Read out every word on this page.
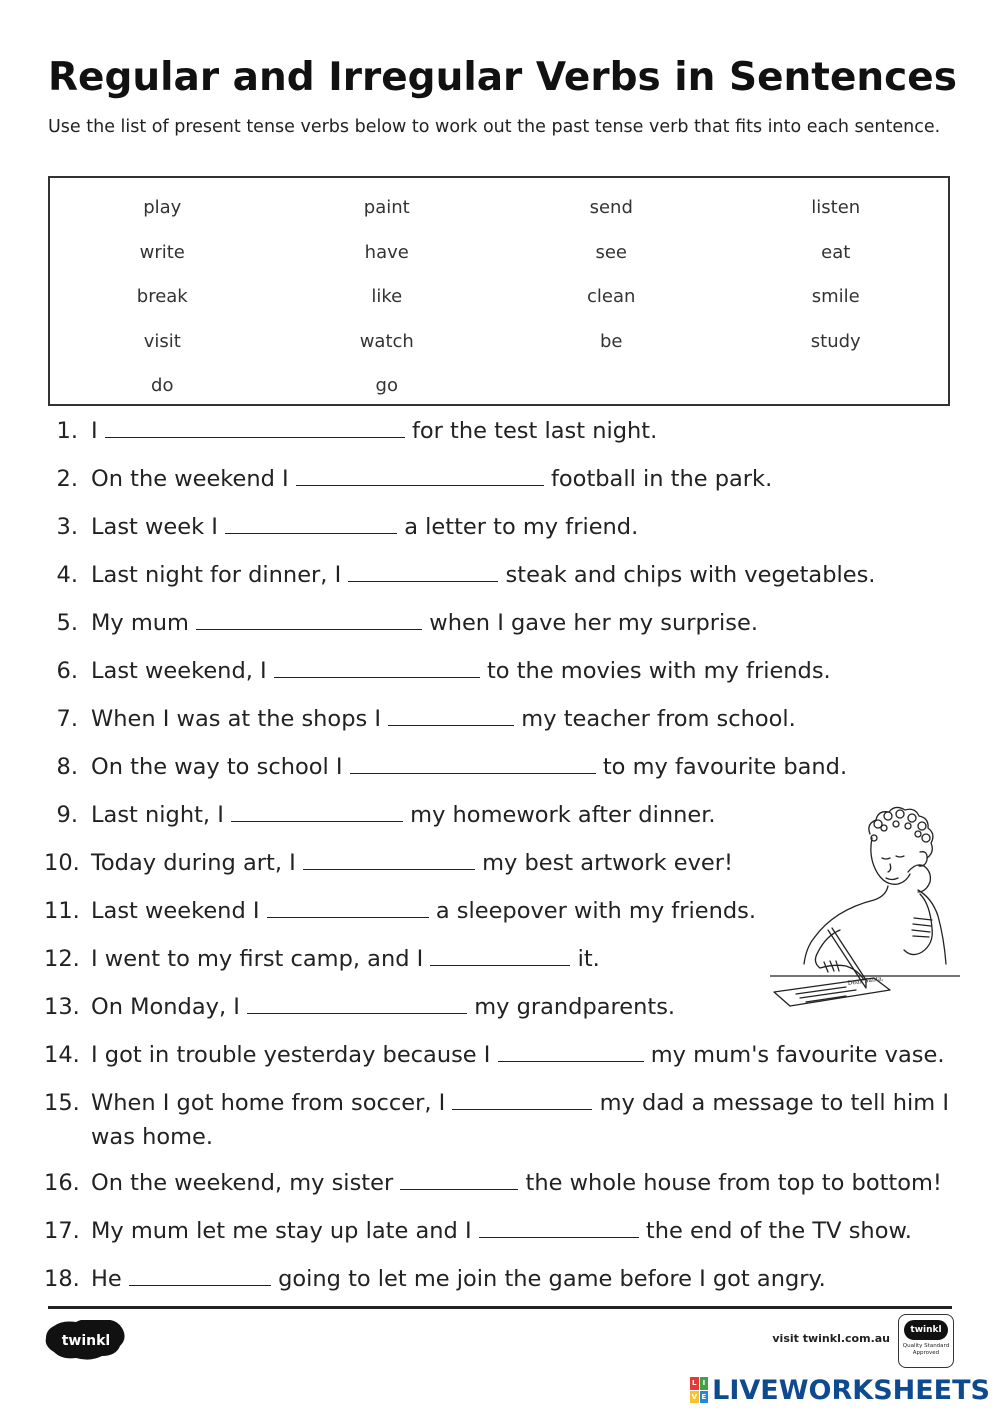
Regular and Irregular Verbs in Sentences
Use the list of present tense verbs below to work out the past tense verb that fits into each sentence.
play	paint	send	listen
write	have	see	eat
break	like	clean	smile
visit	watch	be	study
do	go
1. I	for the test last night.
2. On the weekend I	football in the park.
3. Last week I	a letter to my friend.
4. Last night for dinner, I	steak and chips with vegetables.
5. My mum	when I gave her my surprise.
6. Last weekend, I	to the movies with my friends.
7. When I was at the shops I	my teacher from school.
8. On the way to school I	to my favourite band.
9. Last night, I	my homework after dinner.
10. Today during art, I	my best artwork ever!
11. Last weekend I	a sleepover with my friends.
12. I went to my first camp, and I	it.
13. On Monday, I	my grandparents.
14. I got in trouble yesterday because I	my mum's favourite vase.
15. When I got home from soccer, I	my dad a message to tell him I was home.
16. On the weekend, my sister	the whole house from top to bottom!
17. My mum let me stay up late and I	the end of the TV show.
18. He	going to let me join the game before I got angry.
Dear Santa,
twinkl	visit twinkl.com.au
twinkl
Quality Standard Approved
L I
V E LIVEWORKSHEETS
